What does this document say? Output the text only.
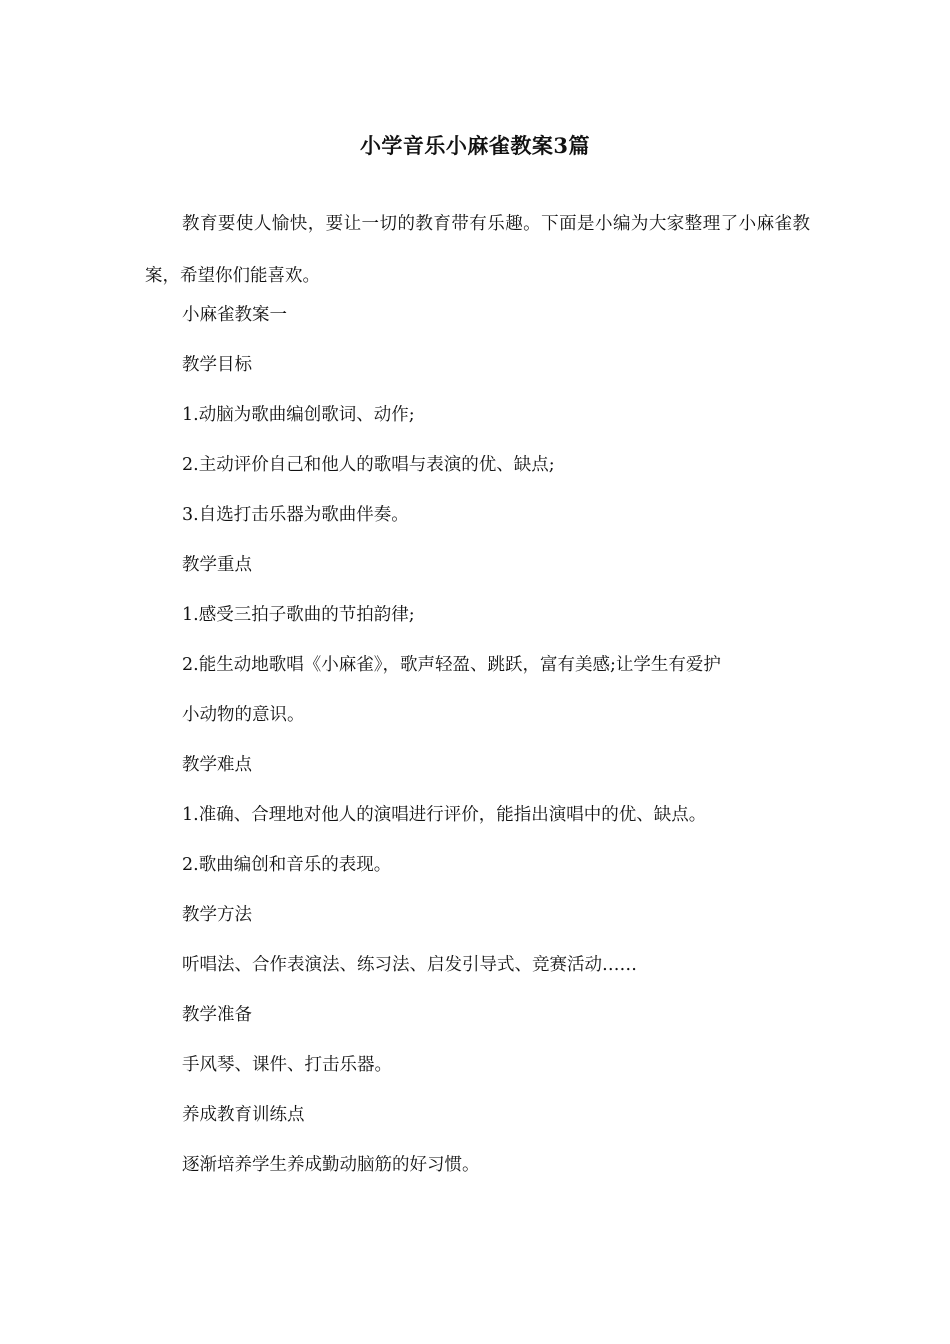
小学音乐小麻雀教案3篇
教育要使人愉快，要让一切的教育带有乐趣。下面是小编为大家整理了小麻雀教案，希望你们能喜欢。
小麻雀教案一
教学目标
1.动脑为歌曲编创歌词、动作;
2.主动评价自己和他人的歌唱与表演的优、缺点;
3.自选打击乐器为歌曲伴奏。
教学重点
1.感受三拍子歌曲的节拍韵律;
2.能生动地歌唱《小麻雀》，歌声轻盈、跳跃，富有美感;让学生有爱护
小动物的意识。
教学难点
1.准确、合理地对他人的演唱进行评价，能指出演唱中的优、缺点。
2.歌曲编创和音乐的表现。
教学方法
听唱法、合作表演法、练习法、启发引导式、竞赛活动……
教学准备
手风琴、课件、打击乐器。
养成教育训练点
逐渐培养学生养成勤动脑筋的好习惯。
